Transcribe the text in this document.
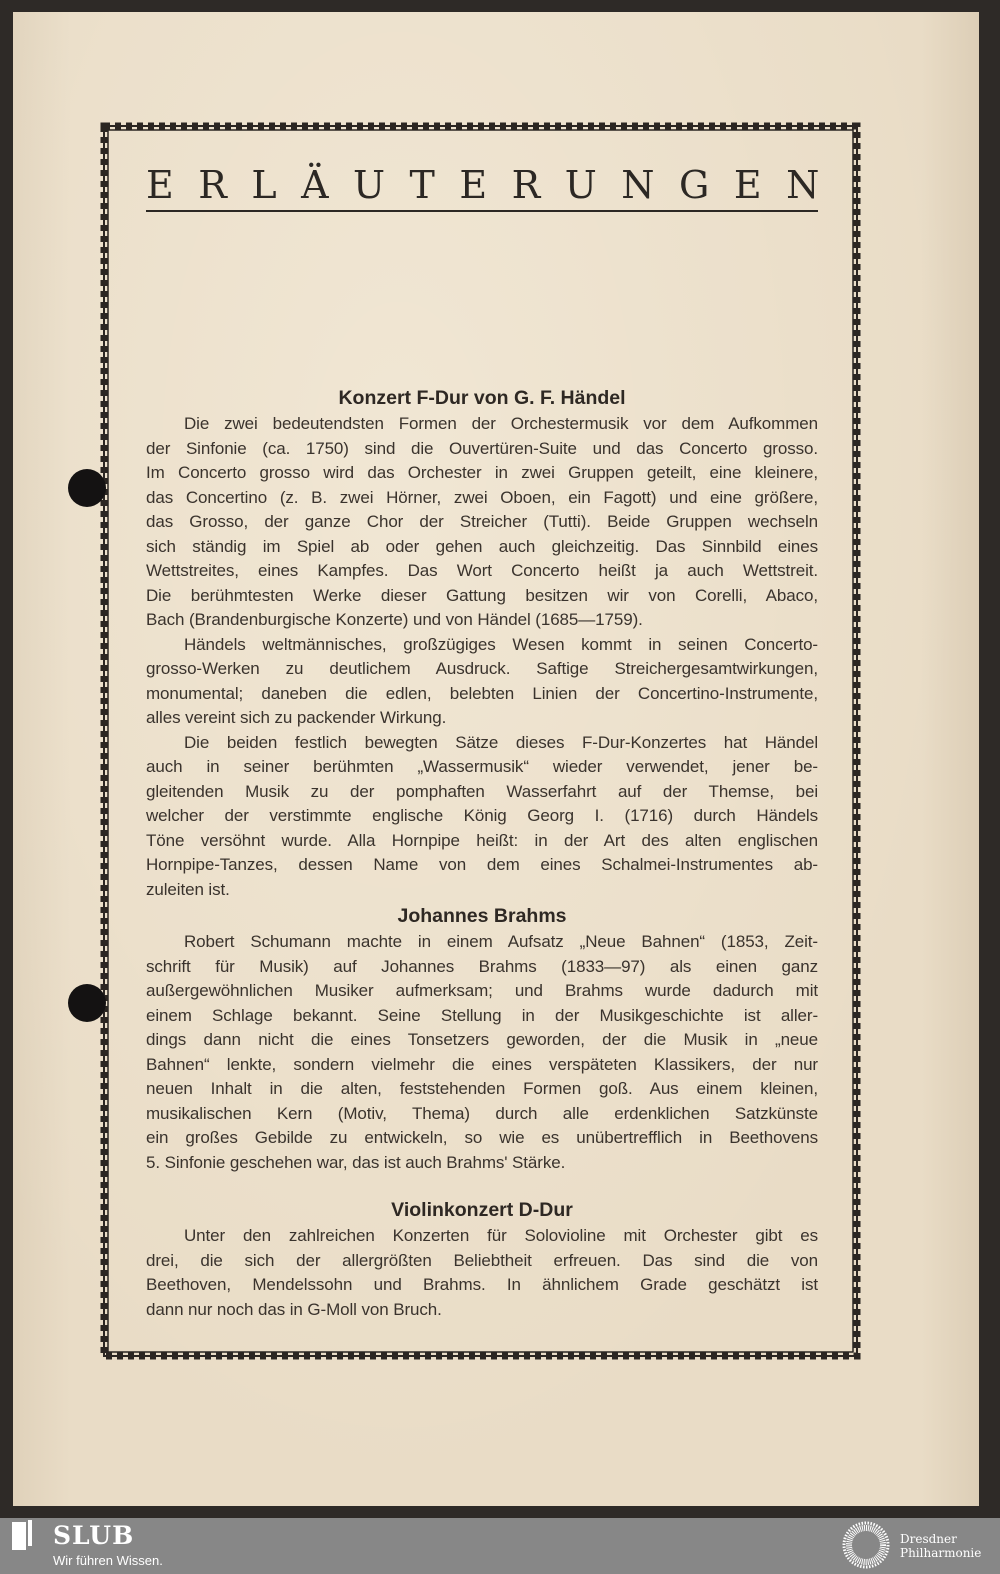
ERLÄUTERUNGEN
Konzert F-Dur von G. F. Händel
Die zwei bedeutendsten Formen der Orchestermusik vor dem Aufkommen
der Sinfonie (ca. 1750) sind die Ouvertüren-Suite und das Concerto grosso.
Im Concerto grosso wird das Orchester in zwei Gruppen geteilt, eine kleinere,
das Concertino (z. B. zwei Hörner, zwei Oboen, ein Fagott) und eine größere,
das Grosso, der ganze Chor der Streicher (Tutti). Beide Gruppen wechseln
sich ständig im Spiel ab oder gehen auch gleichzeitig. Das Sinnbild eines
Wettstreites, eines Kampfes. Das Wort Concerto heißt ja auch Wettstreit.
Die berühmtesten Werke dieser Gattung besitzen wir von Corelli, Abaco,
Bach (Brandenburgische Konzerte) und von Händel (1685—1759).
Händels weltmännisches, großzügiges Wesen kommt in seinen Concerto-
grosso-Werken zu deutlichem Ausdruck. Saftige Streichergesamtwirkungen,
monumental; daneben die edlen, belebten Linien der Concertino-Instrumente,
alles vereint sich zu packender Wirkung.
Die beiden festlich bewegten Sätze dieses F-Dur-Konzertes hat Händel
auch in seiner berühmten „Wassermusik“ wieder verwendet, jener be-
gleitenden Musik zu der pomphaften Wasserfahrt auf der Themse, bei
welcher der verstimmte englische König Georg I. (1716) durch Händels
Töne versöhnt wurde. Alla Hornpipe heißt: in der Art des alten englischen
Hornpipe-Tanzes, dessen Name von dem eines Schalmei-Instrumentes ab-
zuleiten ist.
Johannes Brahms
Robert Schumann machte in einem Aufsatz „Neue Bahnen“ (1853, Zeit-
schrift für Musik) auf Johannes Brahms (1833—97) als einen ganz
außergewöhnlichen Musiker aufmerksam; und Brahms wurde dadurch mit
einem Schlage bekannt. Seine Stellung in der Musikgeschichte ist aller-
dings dann nicht die eines Tonsetzers geworden, der die Musik in „neue
Bahnen“ lenkte, sondern vielmehr die eines verspäteten Klassikers, der nur
neuen Inhalt in die alten, feststehenden Formen goß. Aus einem kleinen,
musikalischen Kern (Motiv, Thema) durch alle erdenklichen Satzkünste
ein großes Gebilde zu entwickeln, so wie es unübertrefflich in Beethovens
5. Sinfonie geschehen war, das ist auch Brahms' Stärke.
Violinkonzert D-Dur
Unter den zahlreichen Konzerten für Solovioline mit Orchester gibt es
drei, die sich der allergrößten Beliebtheit erfreuen. Das sind die von
Beethoven, Mendelssohn und Brahms. In ähnlichem Grade geschätzt ist
dann nur noch das in G-Moll von Bruch.
SLUB
Wir führen Wissen.
Dresdner
Philharmonie
